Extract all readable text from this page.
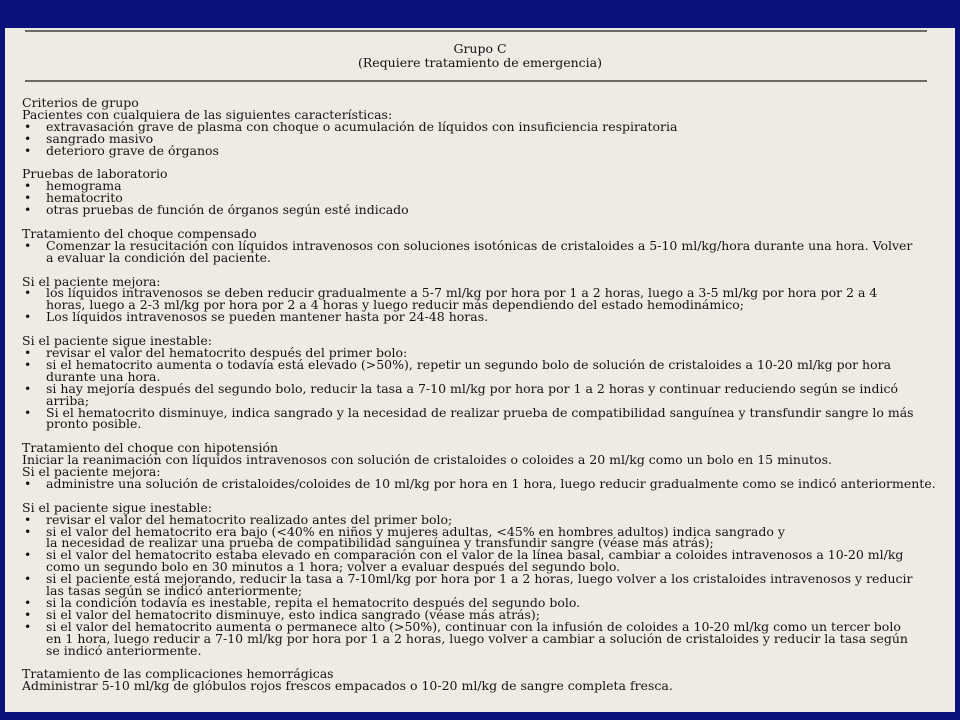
Grupo C
(Requiere tratamiento de emergencia)
Criterios de grupo
Pacientes con cualquiera de las siguientes características:
• extravasación grave de plasma con choque o acumulación de líquidos con insuficiencia respiratoria
• sangrado masivo
• deterioro grave de órganos
Pruebas de laboratorio
• hemograma
• hematocrito
• otras pruebas de función de órganos según esté indicado
Tratamiento del choque compensado
• Comenzar la resucitación con líquidos intravenosos con soluciones isotónicas de cristaloides a 5-10 ml/kg/hora durante una hora. Volver
a evaluar la condición del paciente.
Si el paciente mejora:
• los líquidos intravenosos se deben reducir gradualmente a 5-7 ml/kg por hora por 1 a 2 horas, luego a 3-5 ml/kg por hora por 2 a 4
horas, luego a 2-3 ml/kg por hora por 2 a 4 horas y luego reducir más dependiendo del estado hemodinámico;
• Los líquidos intravenosos se pueden mantener hasta por 24-48 horas.
Si el paciente sigue inestable:
• revisar el valor del hematocrito después del primer bolo:
• si el hematocrito aumenta o todavía está elevado (>50%), repetir un segundo bolo de solución de cristaloides a 10-20 ml/kg por hora
durante una hora.
• si hay mejoría después del segundo bolo, reducir la tasa a 7-10 ml/kg por hora por 1 a 2 horas y continuar reduciendo según se indicó
arriba;
• Si el hematocrito disminuye, indica sangrado y la necesidad de realizar prueba de compatibilidad sanguínea y transfundir sangre lo más
pronto posible.
Tratamiento del choque con hipotensión
Iniciar la reanimación con líquidos intravenosos con solución de cristaloides o coloides a 20 ml/kg como un bolo en 15 minutos.
Si el paciente mejora:
• administre una solución de cristaloides/coloides de 10 ml/kg por hora en 1 hora, luego reducir gradualmente como se indicó anteriormente.
Si el paciente sigue inestable:
• revisar el valor del hematocrito realizado antes del primer bolo;
• si el valor del hematocrito era bajo (<40% en niños y mujeres adultas, <45% en hombres adultos) indica sangrado y
la necesidad de realizar una prueba de compatibilidad sanguínea y transfundir sangre (véase más atrás);
• si el valor del hematocrito estaba elevado en comparación con el valor de la línea basal, cambiar a coloides intravenosos a 10-20 ml/kg
como un segundo bolo en 30 minutos a 1 hora; volver a evaluar después del segundo bolo.
• si el paciente está mejorando, reducir la tasa a 7-10ml/kg por hora por 1 a 2 horas, luego volver a los cristaloides intravenosos y reducir
las tasas según se indicó anteriormente;
• si la condición todavía es inestable, repita el hematocrito después del segundo bolo.
• si el valor del hematocrito disminuye, esto indica sangrado (véase más atrás);
• si el valor del hematocrito aumenta o permanece alto (>50%), continuar con la infusión de coloides a 10-20 ml/kg como un tercer bolo
en 1 hora, luego reducir a 7-10 ml/kg por hora por 1 a 2 horas, luego volver a cambiar a solución de cristaloides y reducir la tasa según
se indicó anteriormente.
Tratamiento de las complicaciones hemorrágicas
Administrar 5-10 ml/kg de glóbulos rojos frescos empacados o 10-20 ml/kg de sangre completa fresca.
